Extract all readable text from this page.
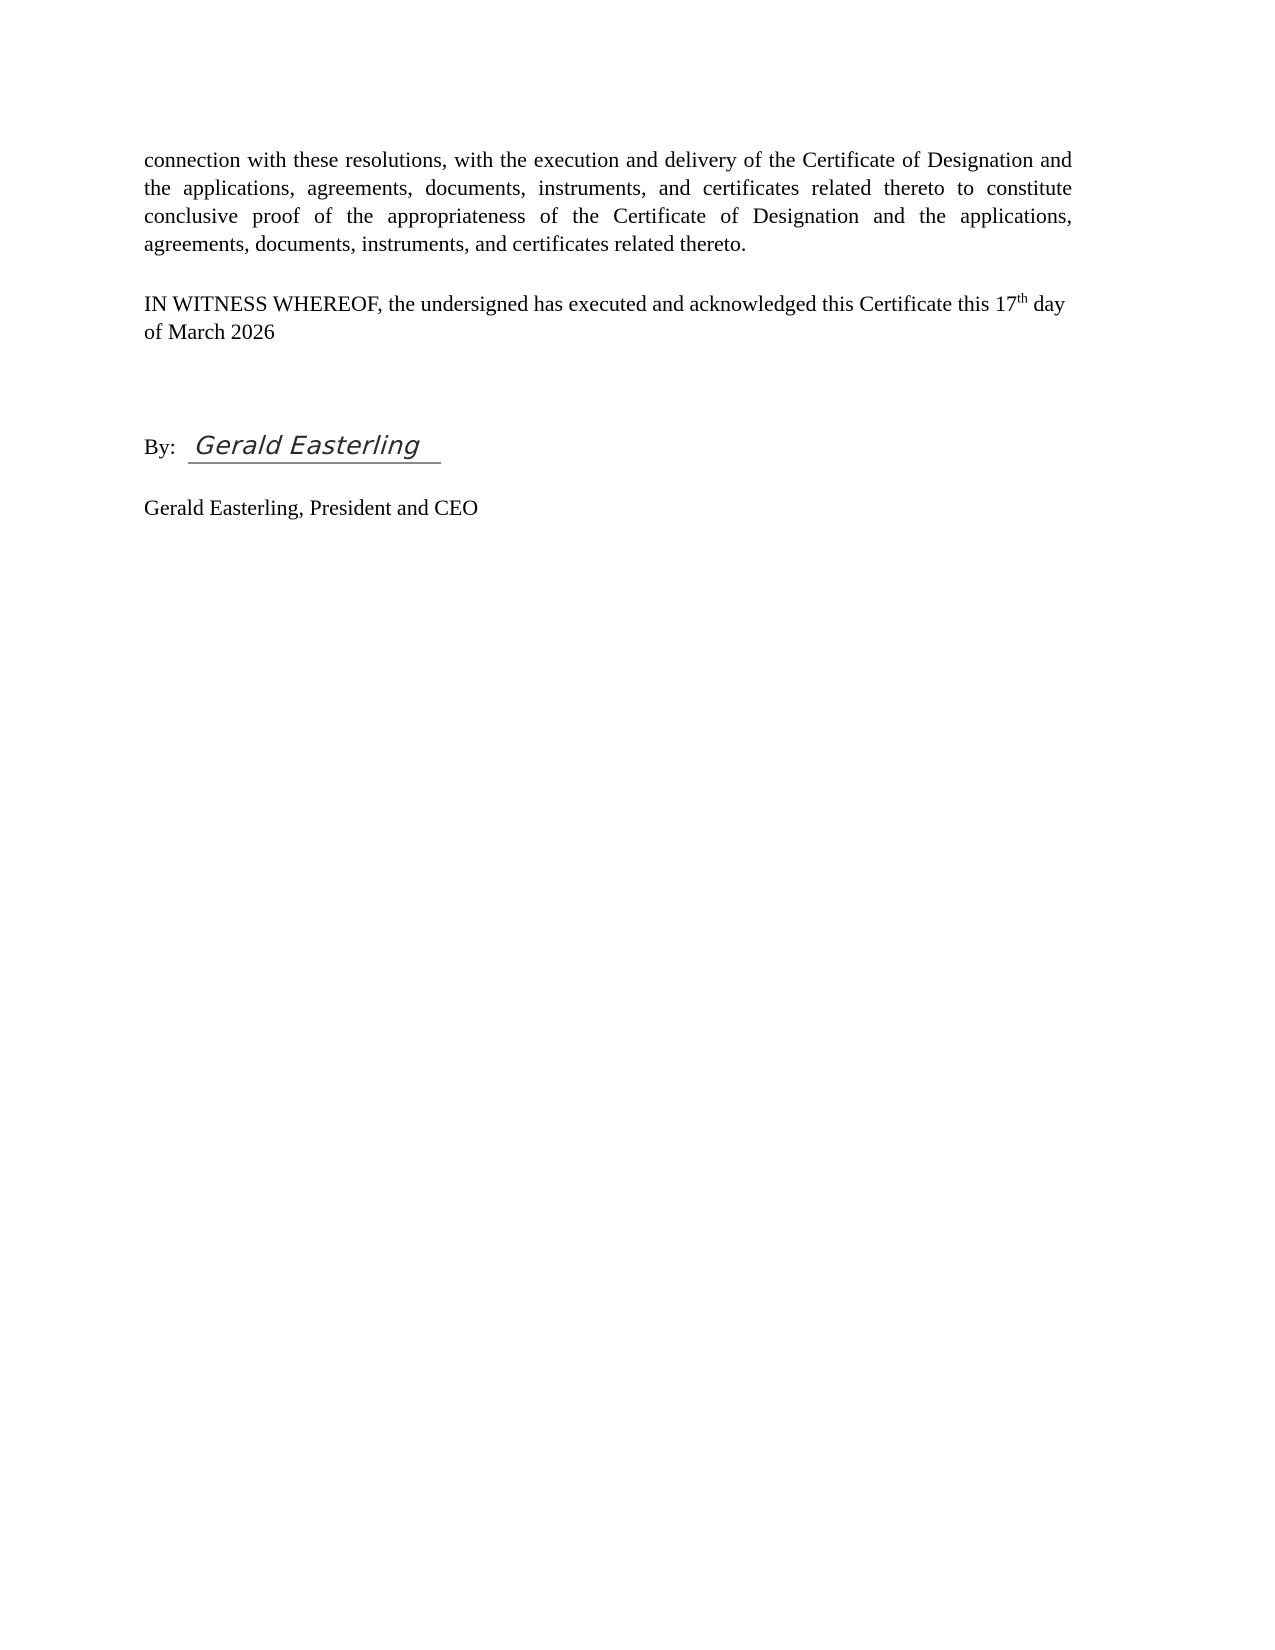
connection with these resolutions, with the execution and delivery of the Certificate of Designation and the applications, agreements, documents, instruments, and certificates related thereto to constitute conclusive proof of the appropriateness of the Certificate of Designation and the applications, agreements, documents, instruments, and certificates related thereto.

IN WITNESS WHEREOF, the undersigned has executed and acknowledged this Certificate this 17th day of March 2026

By: Gerald Easterling

Gerald Easterling, President and CEO
